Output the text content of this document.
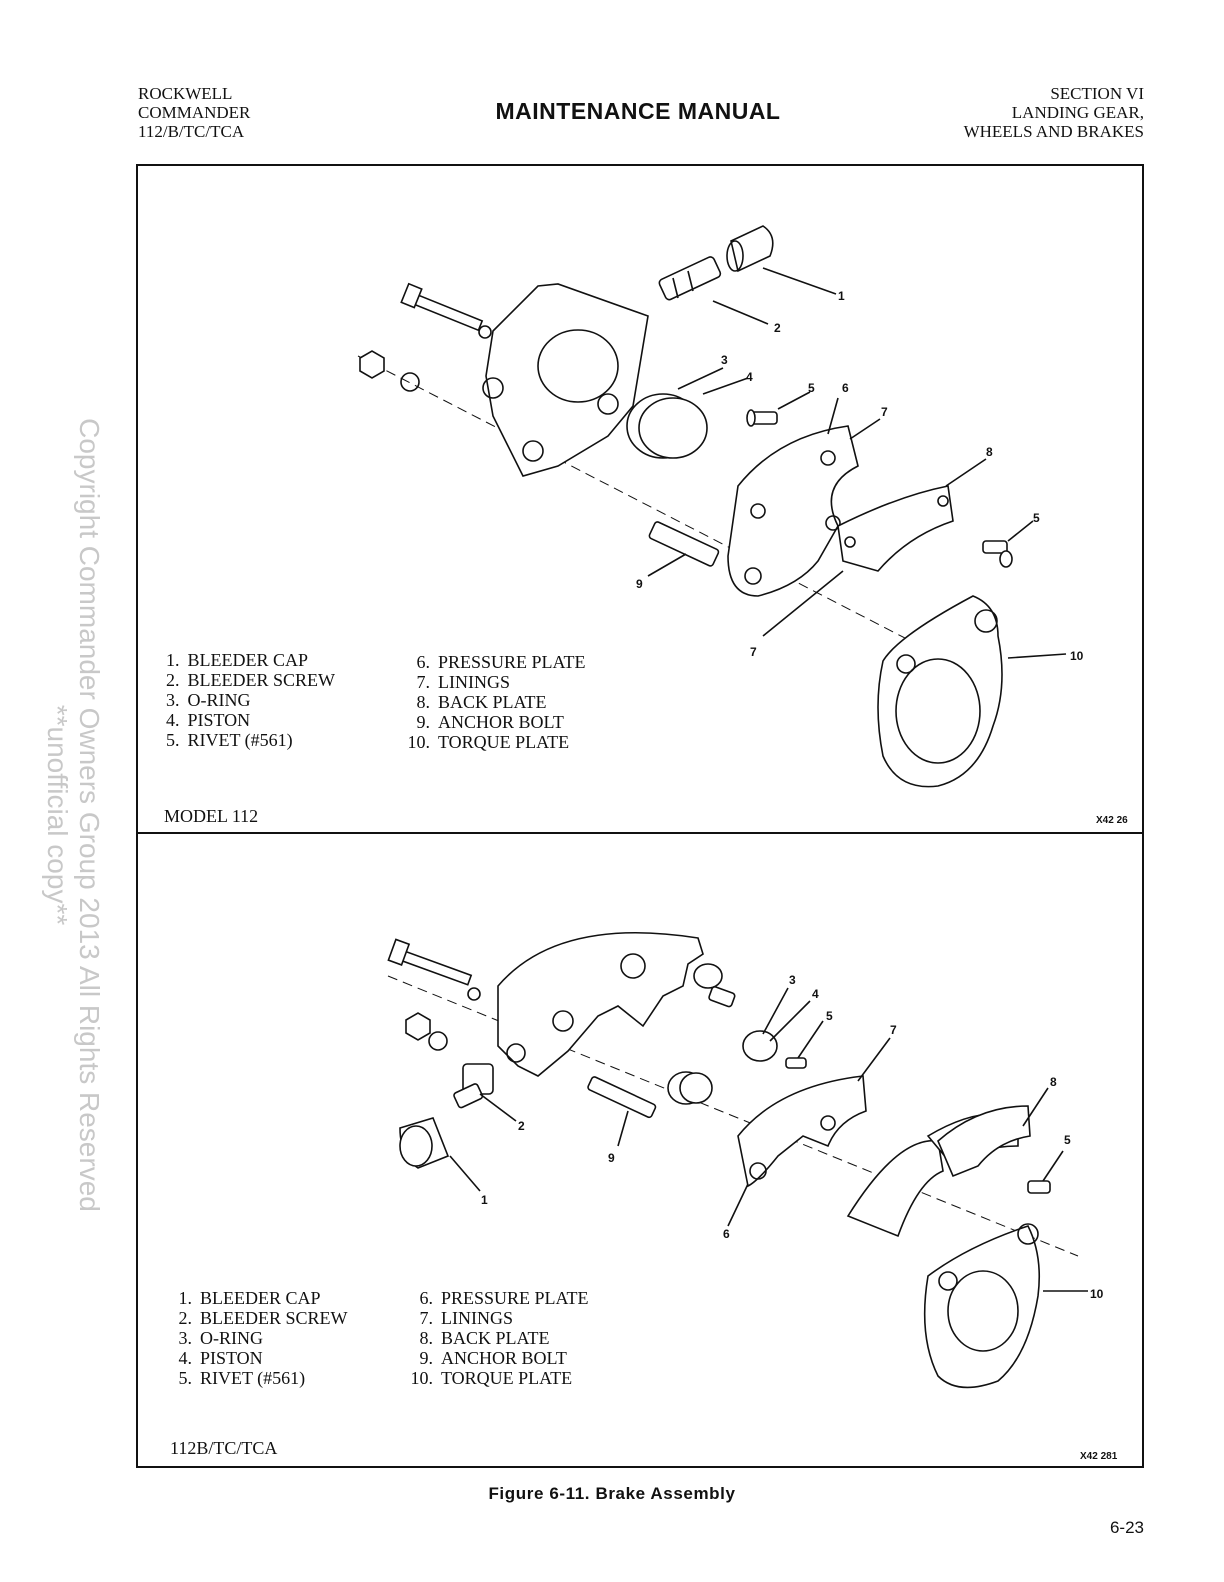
ROCKWELL
COMMANDER
112/B/TC/TCA
MAINTENANCE MANUAL
SECTION VI
LANDING GEAR,
WHEELS AND BRAKES
Copyright Commander Owners Group 2013 All Rights Reserved
**unofficial copy**
1
2
3
4
5 6
7
8
5
9
7	10
1. BLEEDER CAP
2. BLEEDER SCREW
3. O-RING
4. PISTON
5. RIVET (#561)
6. PRESSURE PLATE
7. LININGS
8. BACK PLATE
9. ANCHOR BOLT
10. TORQUE PLATE
MODEL 112	X42 26
3
4
5
7
8
5
2
9
1
6
10
1. BLEEDER CAP
2. BLEEDER SCREW
3. O-RING
4. PISTON
5. RIVET (#561)
6. PRESSURE PLATE
7. LININGS
8. BACK PLATE
9. ANCHOR BOLT
10. TORQUE PLATE
112B/TC/TCA	X42 281
Figure 6-11. Brake Assembly
6-23
